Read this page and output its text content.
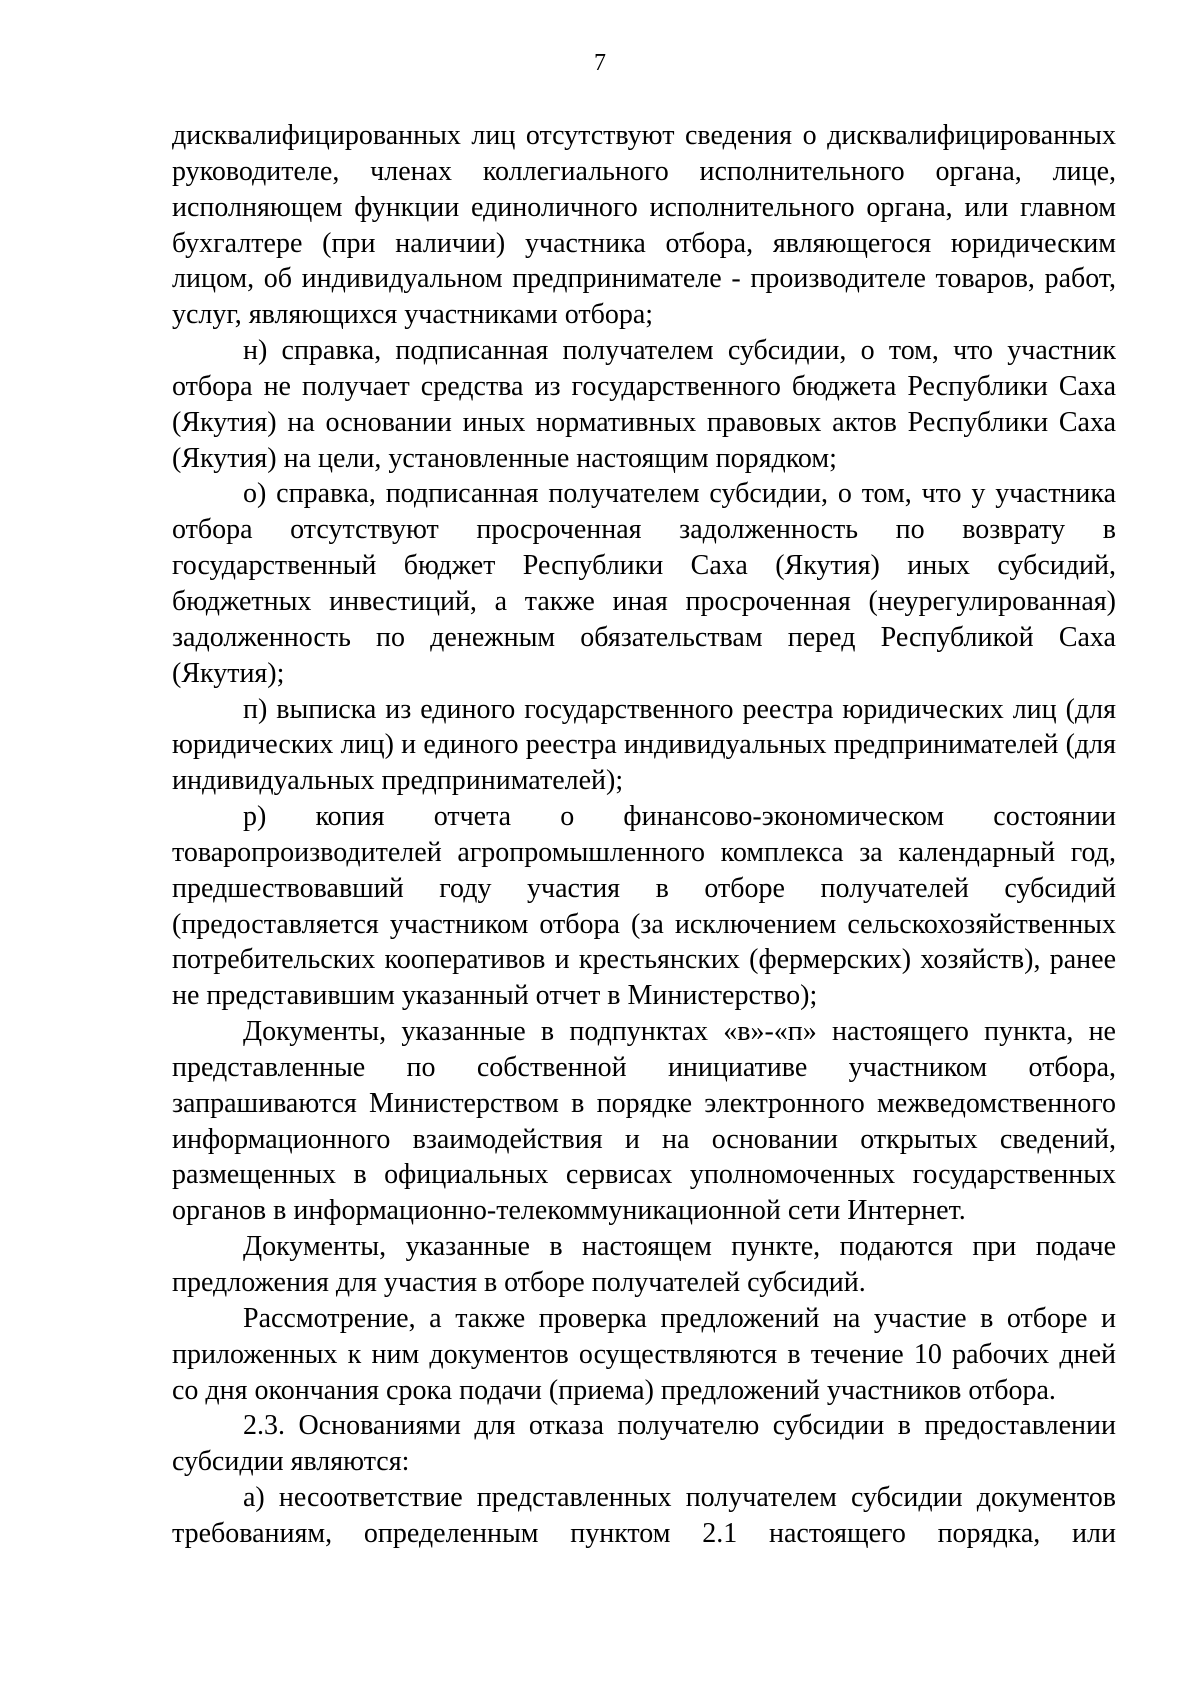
7

дисквалифицированных лиц отсутствуют сведения о дисквалифицированных руководителе, членах коллегиального исполнительного органа, лице, исполняющем функции единоличного исполнительного органа, или главном бухгалтере (при наличии) участника отбора, являющегося юридическим лицом, об индивидуальном предпринимателе - производителе товаров, работ, услуг, являющихся участниками отбора;

н) справка, подписанная получателем субсидии, о том, что участник отбора не получает средства из государственного бюджета Республики Саха (Якутия) на основании иных нормативных правовых актов Республики Саха (Якутия) на цели, установленные настоящим порядком;

о) справка, подписанная получателем субсидии, о том, что у участника отбора отсутствуют просроченная задолженность по возврату в государственный бюджет Республики Саха (Якутия) иных субсидий, бюджетных инвестиций, а также иная просроченная (неурегулированная) задолженность по денежным обязательствам перед Республикой Саха (Якутия);

п) выписка из единого государственного реестра юридических лиц (для юридических лиц) и единого реестра индивидуальных предпринимателей (для индивидуальных предпринимателей);

р) копия отчета о финансово-экономическом состоянии товаропроизводителей агропромышленного комплекса за календарный год, предшествовавший году участия в отборе получателей субсидий (предоставляется участником отбора (за исключением сельскохозяйственных потребительских кооперативов и крестьянских (фермерских) хозяйств), ранее не представившим указанный отчет в Министерство);

Документы, указанные в подпунктах «в»-«п» настоящего пункта, не представленные по собственной инициативе участником отбора, запрашиваются Министерством в порядке электронного межведомственного информационного взаимодействия и на основании открытых сведений, размещенных в официальных сервисах уполномоченных государственных органов в информационно-телекоммуникационной сети Интернет.

Документы, указанные в настоящем пункте, подаются при подаче предложения для участия в отборе получателей субсидий.

Рассмотрение, а также проверка предложений на участие в отборе и приложенных к ним документов осуществляются в течение 10 рабочих дней со дня окончания срока подачи (приема) предложений участников отбора.

2.3. Основаниями для отказа получателю субсидии в предоставлении субсидии являются:

а) несоответствие представленных получателем субсидии документов требованиям, определенным пунктом 2.1 настоящего порядка, или
